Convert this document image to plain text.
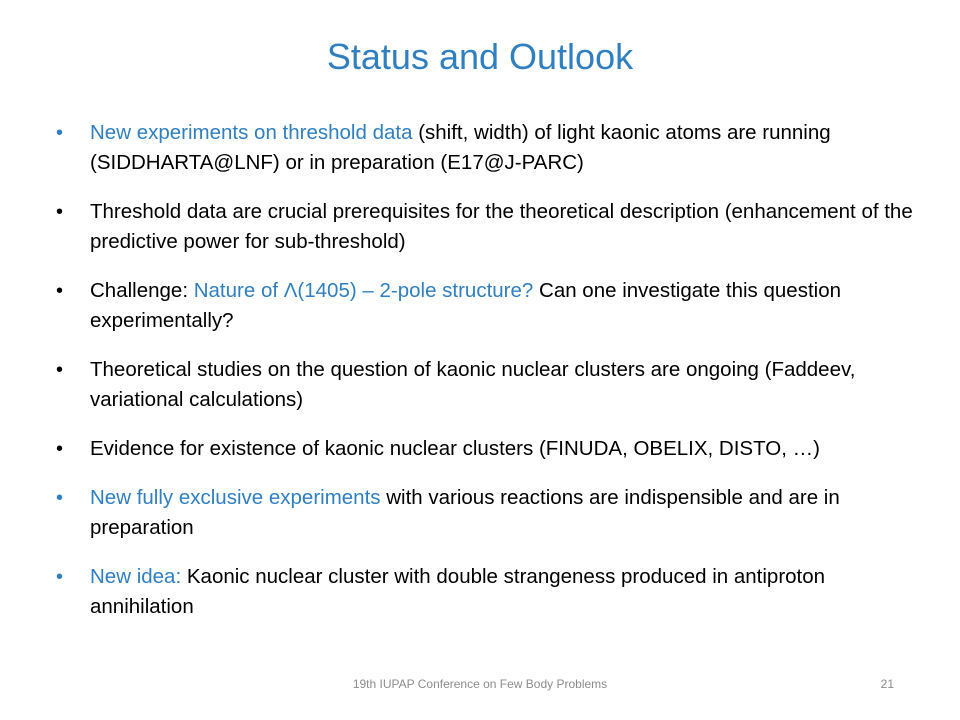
Status and Outlook
•	New experiments on threshold data (shift, width) of light kaonic atoms are running (SIDDHARTA@LNF) or in preparation (E17@J-PARC)
•	Threshold data are crucial prerequisites for the theoretical description (enhancement of the predictive power for sub-threshold)
•	Challenge: Nature of Λ(1405) – 2-pole structure? Can one investigate this question experimentally?
•	Theoretical studies on the question of kaonic nuclear clusters are ongoing (Faddeev, variational calculations)
•	Evidence for existence of kaonic nuclear clusters (FINUDA, OBELIX, DISTO, …)
•	New fully exclusive experiments with various reactions are indispensible and are in preparation
•	New idea: Kaonic nuclear cluster with double strangeness produced in antiproton annihilation
19th IUPAP Conference on Few Body Problems	21
